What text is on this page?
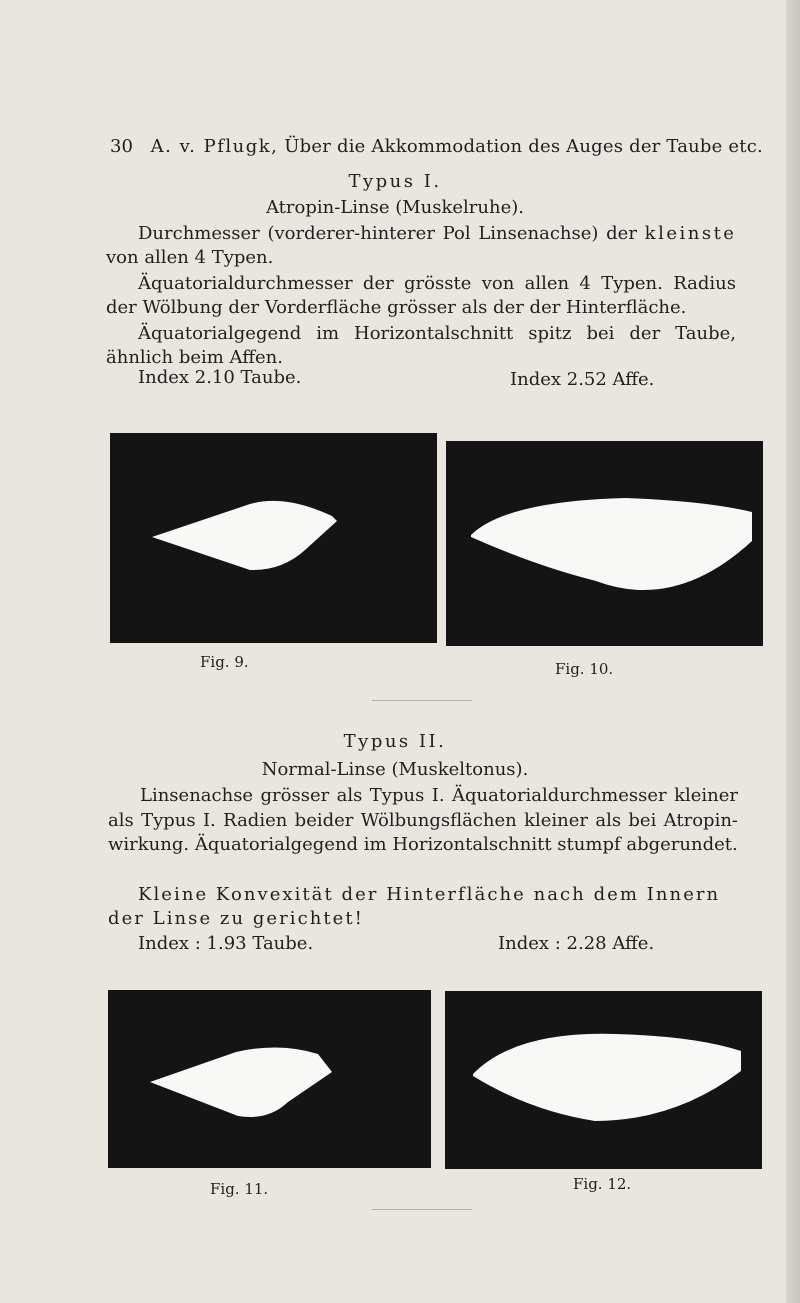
30 A. v. Pflugk, Über die Akkommodation des Auges der Taube etc.
Typus I.
Atropin-Linse (Muskelruhe).
Durchmesser (vorderer-hinterer Pol Linsenachse) der kleinste
von allen 4 Typen.
Äquatorialdurchmesser der grösste von allen 4 Typen. Radius der Wölbung der Vorderfläche grösser als der der Hinterfläche.
Äquatorialgegend im Horizontalschnitt spitz bei der Taube, ähnlich beim Affen.
Index 2.10 Taube.	Index 2.52 Affe.
Fig. 9.	Fig. 10.
Typus II.
Normal-Linse (Muskeltonus).
Linsenachse grösser als Typus I. Äquatorialdurchmesser kleiner als Typus I. Radien beider Wölbungsflächen kleiner als bei Atropin-wirkung. Äquatorialgegend im Horizontalschnitt stumpf abgerundet.
Kleine Konvexität der Hinterfläche nach dem Innern
der Linse zu gerichtet!
Index : 1.93 Taube.	Index : 2.28 Affe.
Fig. 11.	Fig. 12.
